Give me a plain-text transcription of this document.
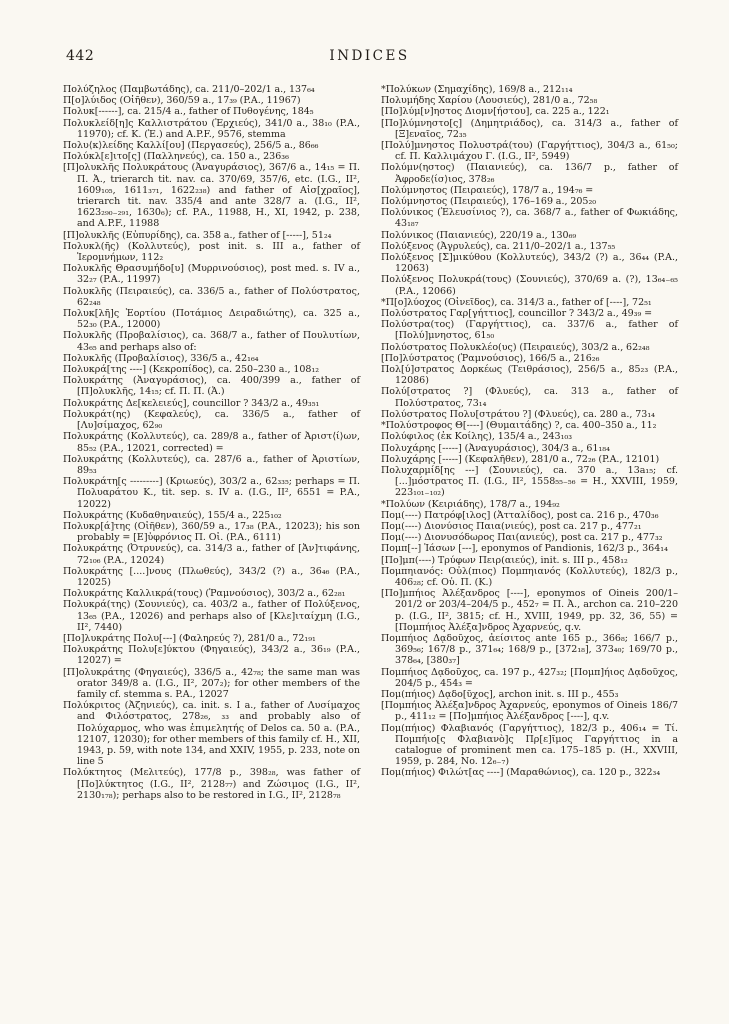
442	INDICES

Πολύζηλος (Παμβωτάδης), ca. 211/0–202/1 a., 137₆₄

Π[ο]λύιδος (Οἰῆθεν), 360/59 a., 17₃₉ (P.A., 11967)

Πολυκ[------], ca. 215/4 a., father of Πυθογένης, 184₅

Πολυκλείδ[η]ς Καλλιστράτου (Ἐρχιεύς), 341/0 a., 38₁₀ (P.A., 11970); cf. Κ. (Ἐ.) and A.P.F., 9576, stemma

Πολυ⟨κ⟩λείδης Καλλί[ου] (Περγασεύς), 256/5 a., 86₆₆

Πολύκλ[ε]ιτο[ς] (Παλληνεύς), ca. 150 a., 236₃₆

[Π]ολυκλῆς Πολυκράτους (Ἀναγυράσιος), 367/6 a., 14₁₅ = Π. Π. Ἀ., trierarch tit. nav. ca. 370/69, 357/6, etc. (I.G., II², 1609₁₀₅, 1611₃₇₁, 1622₂₃₈) and father of Αἰσ[χραῖος], trierarch tit. nav. 335/4 and ante 328/7 a. (I.G., II², 1623₂₉₀₋₂₉₁, 1630₆); cf. P.A., 11988, H., XI, 1942, p. 238, and A.P.F., 11988

[Π]ολυκλῆς (Εὐπυρίδης), ca. 358 a., father of [-----], 51₂₄

Πολυκλ(ῆς) (Κολλυτεύς), post init. s. III a., father of Ἱερομνήμων, 112₂

Πολυκλῆς Θρασυμήδο[υ] (Μυρρινούσιος), post med. s. IV a., 32₂₇ (P.A., 11997)

Πολυκλῆς (Πειραιεύς), ca. 336/5 a., father of Πολύστρατος, 62₂₄₈

Πολυκ[λῆ]ς Ἑορτίου (Ποτάμιος Δειραδιώτης), ca. 325 a., 52₃₀ (P.A., 12000)

Πολυκλῆς (Προβαλίσιος), ca. 368/7 a., father of Πουλυτίων, 43₆₅ and perhaps also of:

Πολυκλῆς (Προβαλίσιος), 336/5 a., 42₁₆₄

Πολυκρά[της ----] (Κεκροπίδος), ca. 250–230 a., 108₁₂

Πολυκράτης (Ἀναγυράσιος), ca. 400/399 a., father of [Π]ολυκλῆς, 14₁₅; cf. Π. Π. (Ἀ.)

Πολυκράτης Δε[κελειεύς], councillor ? 343/2 a., 49₃₅₁

Πολυκράτ(ης) (Κεφαλεύς), ca. 336/5 a., father of [Λυ]σίμαχος, 62₉₀

Πολυκράτης (Κολλυτεύς), ca. 289/8 a., father of Ἀριστ⟨ί⟩ων, 85₅₂ (P.A., 12021, corrected) =

Πολυκράτης (Κολλυτεύς), ca. 287/6 a., father of Ἀριστίων, 89₅₃

Πολυκράτη[ς ---------] (Κριωεύς), 303/2 a., 62₃₃₅; perhaps = Π. Πολυαράτου Κ., tit. sep. s. IV a. (I.G., II², 6551 = P.A., 12022)

Πολυκράτης (Κυδαθηναιεύς), 155/4 a., 225₁₀₂

Πολυκρ[ά]της (Οἰῆθεν), 360/59 a., 17₃₈ (P.A., 12023); his son probably = [Ε]ὐφρόνιος Π. Οἰ. (P.A., 6111)

Πολυκράτης (Ὀτρυνεύς), ca. 314/3 a., father of [Ἀν]τιφάνης, 72₁₀₆ (P.A., 12024)

Πολυκράτης [....]νους (Πλωθεύς), 343/2 (?) a., 36₄₆ (P.A., 12025)

Πολυκράτης Καλλικρά(τους) (Ῥαμνούσιος), 303/2 a., 62₂₈₁

Πολυκρά(της) (Σουνιεύς), ca. 403/2 a., father of Πολύξενος, 13₆₅ (P.A., 12026) and perhaps also of [Κλε]ιταίχμη (I.G., II², 7440)

[Πο]λυκράτης Πολυ[---] (Φαληρεύς ?), 281/0 a., 72₁₉₁

Πολυκράτης Πολυ[ε]ύκτου (Φηγαιεύς), 343/2 a., 36₁₉ (P.A., 12027) =

[Π]ολυκράτης (Φηγαιεύς), 336/5 a., 42₇₈; the same man was orator 349/8 a. (I.G., II², 207₂); for other members of the family cf. stemma s. P.A., 12027

Πολύκριτος (Ἀζηνιεύς), ca. init. s. I a., father of Λυσίμαχος and Φιλόστρατος, 278₂₆, ₃₃ and probably also of Πολύχαρμος, who was ἐπιμελητής of Delos ca. 50 a. (P.A., 12107, 12030); for other members of this family cf. H., XII, 1943, p. 59, with note 134, and XXIV, 1955, p. 233, note on line 5

Πολύκτητος (Μελιτεύς), 177/8 p., 398₂₈, was father of [Πο]λύκτητος (I.G., II², 2128₇₇) and Ζώσιμος (I.G., II², 2130₁₇₈); perhaps also to be restored in I.G., II², 2128₇₈

*Πολύκων (Σημαχίδης), 169/8 a., 212₁₁₄

Πολυμήδης Χαρίου (Λουσιεύς), 281/0 a., 72₅₈

[Πο]λύμ[ν]ηστος Διομν[ήστου], ca. 225 a., 122₁

[Πο]λύμνηστο[ς] (Δημητριάδος), ca. 314/3 a., father of [Ξ]εναῖος, 72₃₅

[Πολύ]μνηστος Πολυστρά(του) (Γαργήττιος), 304/3 a., 61₅₀; cf. Π. Καλλιμάχου Γ. (I.G., II², 5949)

Πολύμν(ηστος) (Παιανιεύς), ca. 136/7 p., father of Ἀφροδε⟨ίσ⟩ιος, 378₂₆

Πολύμνηστος (Πειραιεύς), 178/7 a., 194₇₆ =

Πολύμνηστος (Πειραιεύς), 176–169 a., 205₂₀

Πολύνικος (Ἐλευσίνιος ?), ca. 368/7 a., father of Φωκιάδης, 43₁₈₇

Πολύνικος (Παιανιεύς), 220/19 a., 130₆₉

Πολύξενος (Ἀγρυλεύς), ca. 211/0–202/1 a., 137₅₅

Πολύξενος [Σ]μικύθου (Κολλυτεύς), 343/2 (?) a., 36₄₄ (P.A., 12063)

Πολύξενος Πολυκρά(τους) (Σουνιεύς), 370/69 a. (?), 13₆₄₋₆₅ (P.A., 12066)

*Π[ο]λύοχος (Οἰνεῖδος), ca. 314/3 a., father of [----], 72₅₁

Πολύστρατος Γαρ[γήττιος], councillor ? 343/2 a., 49₃₉ =

Πολύστρα(τος) (Γαργήττιος), ca. 337/6 a., father of [Πολύ]μνηστος, 61₅₀

Πολύστρατος Πολυκλέο(υς) (Πειραιεύς), 303/2 a., 62₂₄₈

[Πο]λύστρατος (Ῥαμνούσιος), 166/5 a., 216₂₆

Πολ[ύ]στρατος Δορκέως (Τειθράσιος), 256/5 a., 85₂₃ (P.A., 12086)

Πολύ[στρατος ?] (Φλυεύς), ca. 313 a., father of Πολύστρατος, 73₁₄

Πολύστρατος Πολυ[στράτου ?] (Φλυεύς), ca. 280 a., 73₁₄

*Πολύστροφος Θ[----] (Θυμαιτάδης) ?, ca. 400–350 a., 11₂

Πολύφιλος (ἐκ Κοίλης), 135/4 a., 243₁₀₃

Πολυχάρης [-----] (Ἀναγυράσιος), 304/3 a., 61₁₈₄

Πολυχάρης [-----] (Κεφαλῆθεν), 281/0 a., 72₂₆ (P.A., 12101)

Πολυχαρμίδ[ης ---] (Σουνιεύς), ca. 370 a., 13a₁₅; cf. [...]μόστρατος Π. (I.G., II², 1558₅₅₋₅₆ = H., XXVIII, 1959, 223₁₀₁₋₁₀₂)

*Πολύων (Κειριάδης), 178/7 a., 194₉₂

Πομ(----) Πατρόφ[ιλος] (Ἀτταλίδος), post ca. 216 p., 470₃₆

Πομ(----) Διονύσιος Παια(νιεύς), post ca. 217 p., 477₂₁

Πομ(----) Διονυσόδωρος Παι(ανιεύς), post ca. 217 p., 477₃₂

Πομπ[--] Ἰάσων [---], eponymos of Pandionis, 162/3 p., 364₁₄

[Πο]μπ(----) Τρύφων Πειρ(αιεύς), init. s. III p., 458₁₂

Πομπηιανός: Οὐλ(πιος) Πομπηιανός (Κολλυτεύς), 182/3 p., 406₂₈; cf. Οὐ. Π. (Κ.)

[Πο]μπήιος Ἀλέξανδρος [----], eponymos of Oineis 200/1–201/2 or 203/4–204/5 p., 452₇ = Π. Ἀ., archon ca. 210–220 p. (I.G., II², 3815; cf. H., XVIII, 1949, pp. 32, 36, 55) = [Πομπήιος Ἀλέξα]νδρος Ἀχαρνεύς, q.v.

Πομπήιος Δᾳδοῦχος, ἀείσιτος ante 165 p., 366₈; 166/7 p., 369₅₆; 167/8 p., 371₆₄; 168/9 p., [372₁₈], 373₄₀; 169/70 p., 378₆₄, [380₃₇]

Πομπήιος Δᾳδοῦχος, ca. 197 p., 427₃₂; [Πομπ]ήιος Δᾳδοῦχος, 204/5 p., 454₃ =

Πομ(πήιος) Δᾳδο[ῦχος], archon init. s. III p., 455₃

[Πομπήιος Ἀλέξα]νδρος Ἀχαρνεύς, eponymos of Oineis 186/7 p., 411₁₂ = [Πο]μπήιος Ἀλέξανδρος [----], q.v.

Πομ(πήιος) Φλαβιανός (Γαργήττιος), 182/3 p., 406₁₄ = Τί. Πομπήιο[ς Φλαβιανὸ]ς Πρ[ε]ῖμος Γαργήττιος in a catalogue of prominent men ca. 175–185 p. (H., XXVIII, 1959, p. 284, No. 12₆₋₇)

Πομ(πήιος) Φιλώτ[ας ----] (Μαραθώνιος), ca. 120 p., 322₃₄
